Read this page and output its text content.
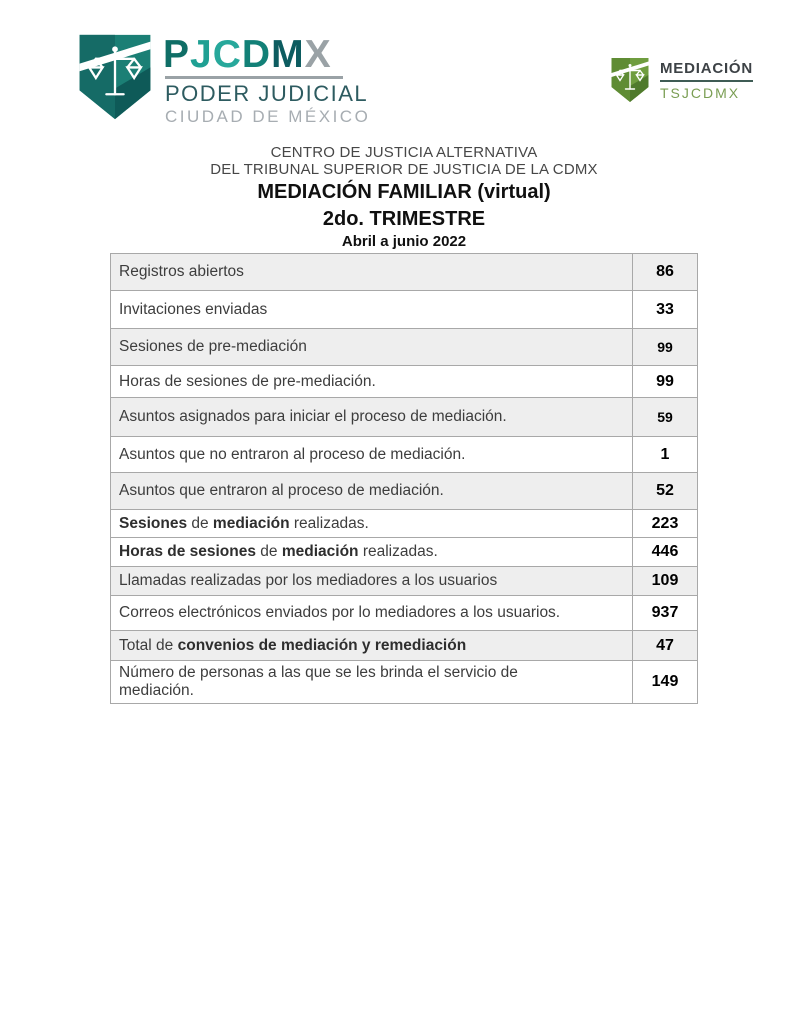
PJCDMX
PODER JUDICIAL
CIUDAD DE MÉXICO
MEDIACIÓN
TSJCDMX
CENTRO DE JUSTICIA ALTERNATIVA
DEL TRIBUNAL SUPERIOR DE JUSTICIA DE LA CDMX
MEDIACIÓN FAMILIAR (virtual)
2do. TRIMESTRE
Abril a junio 2022
Registros abiertos	86
Invitaciones enviadas	33
Sesiones de pre-mediación	99
Horas de sesiones de pre-mediación.	99
Asuntos asignados para iniciar el proceso de mediación.	59
Asuntos que no entraron al proceso de mediación.	1
Asuntos que entraron al proceso de mediación.	52
Sesiones de mediación realizadas.	223
Horas de sesiones de mediación realizadas.	446
Llamadas realizadas por los mediadores a los usuarios	109
Correos electrónicos enviados por lo mediadores a los usuarios.	937
Total de convenios de mediación y remediación	47
Número de personas a las que se les brinda el servicio de mediación.	149
